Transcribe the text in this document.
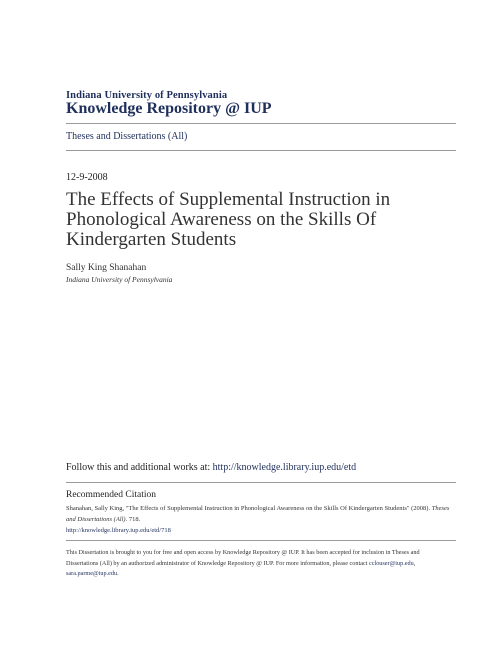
Indiana University of Pennsylvania
Knowledge Repository @ IUP
Theses and Dissertations (All)
12-9-2008
The Effects of Supplemental Instruction in Phonological Awareness on the Skills Of Kindergarten Students
Sally King Shanahan
Indiana University of Pennsylvania
Follow this and additional works at: http://knowledge.library.iup.edu/etd
Recommended Citation
Shanahan, Sally King, "The Effects of Supplemental Instruction in Phonological Awareness on the Skills Of Kindergarten Students" (2008). Theses and Dissertations (All). 718.
http://knowledge.library.iup.edu/etd/718
This Dissertation is brought to you for free and open access by Knowledge Repository @ IUP. It has been accepted for inclusion in Theses and Dissertations (All) by an authorized administrator of Knowledge Repository @ IUP. For more information, please contact cclouser@iup.edu, sara.parme@iup.edu.
